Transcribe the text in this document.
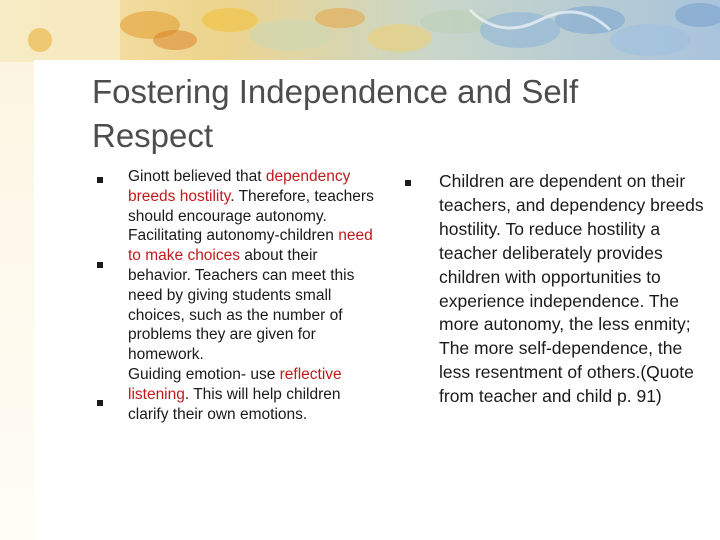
Fostering Independence and Self Respect

Ginott believed that dependency breeds hostility. Therefore, teachers should encourage autonomy.

Facilitating autonomy-children need to make choices about their behavior. Teachers can meet this need by giving students small choices, such as the number of problems they are given for homework.

Guiding emotion- use reflective listening. This will help children clarify their own emotions.

Children are dependent on their teachers, and dependency breeds hostility. To reduce hostility a teacher deliberately provides children with opportunities to experience independence. The more autonomy, the less enmity; The more self-dependence, the less resentment of others.(Quote from teacher and child p. 91)
